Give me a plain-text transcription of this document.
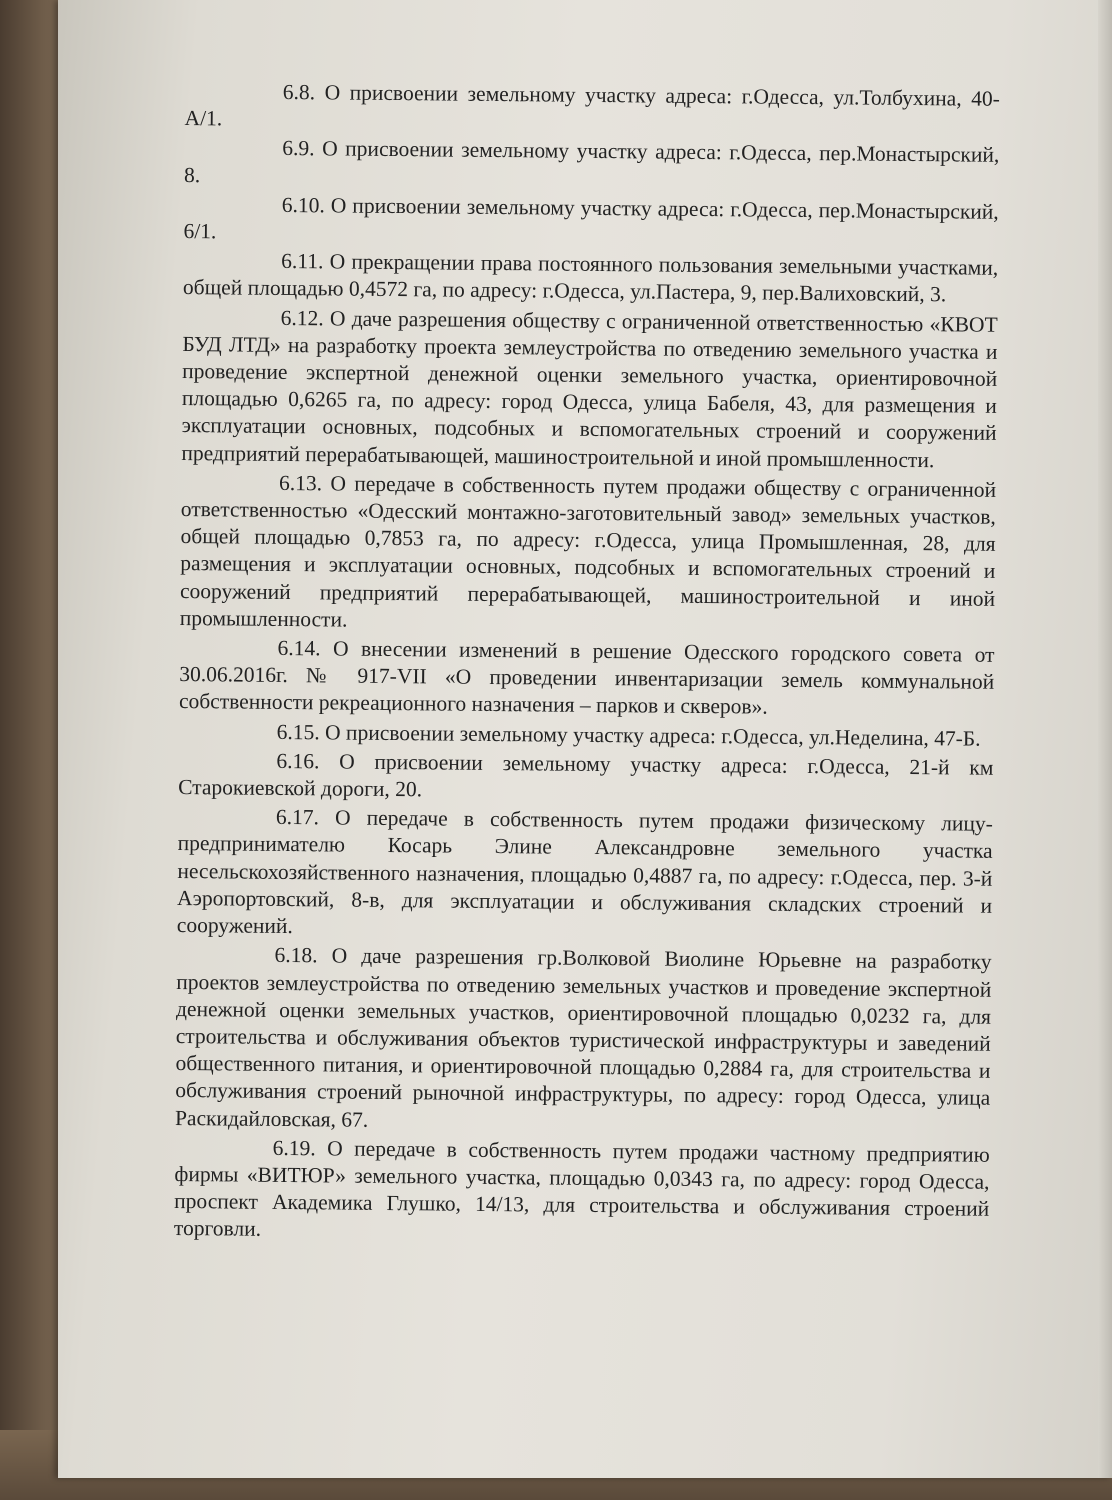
6.8. О присвоении земельному участку адреса: г.Одесса, ул.Толбухина, 40-А/1.

6.9. О присвоении земельному участку адреса: г.Одесса, пер.Монастырский, 8.

6.10. О присвоении земельному участку адреса: г.Одесса, пер.Монастырский, 6/1.

6.11. О прекращении права постоянного пользования земельными участками, общей площадью 0,4572 га, по адресу: г.Одесса, ул.Пастера, 9, пер.Валиховский, 3.

6.12. О даче разрешения обществу с ограниченной ответственностью «КВОТ БУД ЛТД» на разработку проекта землеустройства по отведению земельного участка и проведение экспертной денежной оценки земельного участка, ориентировочной площадью 0,6265 га, по адресу: город Одесса, улица Бабеля, 43, для размещения и эксплуатации основных, подсобных и вспомогательных строений и сооружений предприятий перерабатывающей, машиностроительной и иной промышленности.

6.13. О передаче в собственность путем продажи обществу с ограниченной ответственностью «Одесский монтажно-заготовительный завод» земельных участков, общей площадью 0,7853 га, по адресу: г.Одесса, улица Промышленная, 28, для размещения и эксплуатации основных, подсобных и вспомогательных строений и сооружений предприятий перерабатывающей, машиностроительной и иной промышленности.

6.14. О внесении изменений в решение Одесского городского совета от 30.06.2016г. № 917-VII «О проведении инвентаризации земель коммунальной собственности рекреационного назначения – парков и скверов».

6.15. О присвоении земельному участку адреса: г.Одесса, ул.Неделина, 47-Б.

6.16. О присвоении земельному участку адреса: г.Одесса, 21-й км Старокиевской дороги, 20.

6.17. О передаче в собственность путем продажи физическому лицу-предпринимателю Косарь Элине Александровне земельного участка несельскохозяйственного назначения, площадью 0,4887 га, по адресу: г.Одесса, пер. 3-й Аэропортовский, 8-в, для эксплуатации и обслуживания складских строений и сооружений.

6.18. О даче разрешения гр.Волковой Виолине Юрьевне на разработку проектов землеустройства по отведению земельных участков и проведение экспертной денежной оценки земельных участков, ориентировочной площадью 0,0232 га, для строительства и обслуживания объектов туристической инфраструктуры и заведений общественного питания, и ориентировочной площадью 0,2884 га, для строительства и обслуживания строений рыночной инфраструктуры, по адресу: город Одесса, улица Раскидайловская, 67.

6.19. О передаче в собственность путем продажи частному предприятию фирмы «ВИТЮР» земельного участка, площадью 0,0343 га, по адресу: город Одесса, проспект Академика Глушко, 14/13, для строительства и обслуживания строений торговли.
